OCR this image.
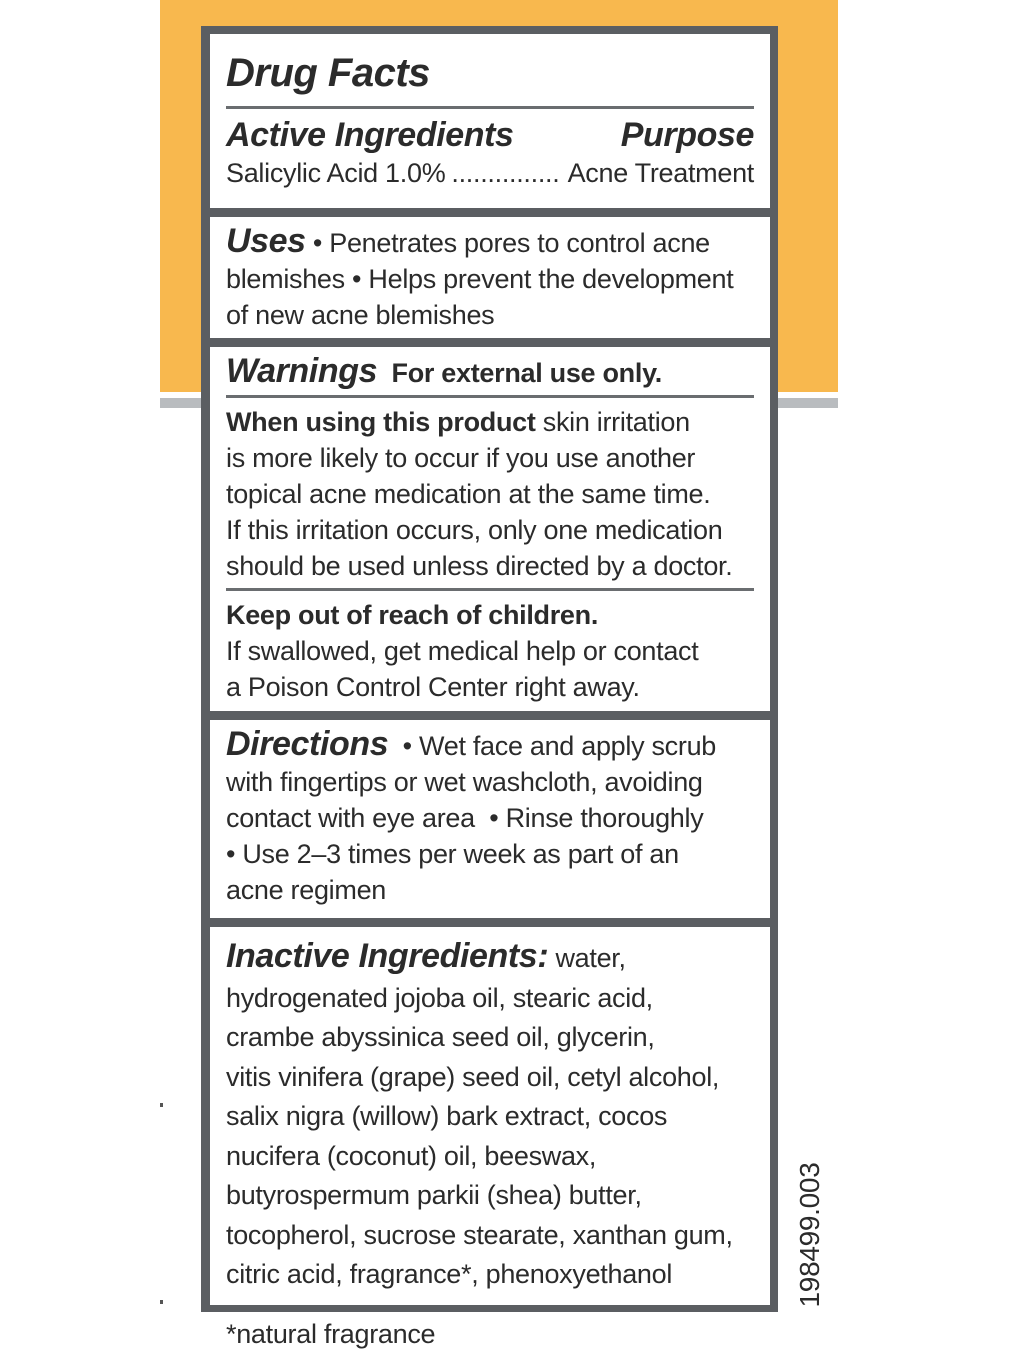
Drug Facts
Active Ingredients	Purpose
Salicylic Acid 1.0% ............... Acne Treatment

Uses • Penetrates pores to control acne

blemishes • Helps prevent the development

of new acne blemishes

Warnings For external use only.

When using this product skin irritation

is more likely to occur if you use another

topical acne medication at the same time.

If this irritation occurs, only one medication

should be used unless directed by a doctor.

Keep out of reach of children.

If swallowed, get medical help or contact

a Poison Control Center right away.

Directions • Wet face and apply scrub

with fingertips or wet washcloth, avoiding

contact with eye area  • Rinse thoroughly

• Use 2–3 times per week as part of an

acne regimen

Inactive Ingredients: water,

hydrogenated jojoba oil, stearic acid,

crambe abyssinica seed oil, glycerin,

vitis vinifera (grape) seed oil, cetyl alcohol,

salix nigra (willow) bark extract, cocos

nucifera (coconut) oil, beeswax,

butyrospermum parkii (shea) butter,

tocopherol, sucrose stearate, xanthan gum,

citric acid, fragrance*, phenoxyethanol

*natural fragrance
198499.003
